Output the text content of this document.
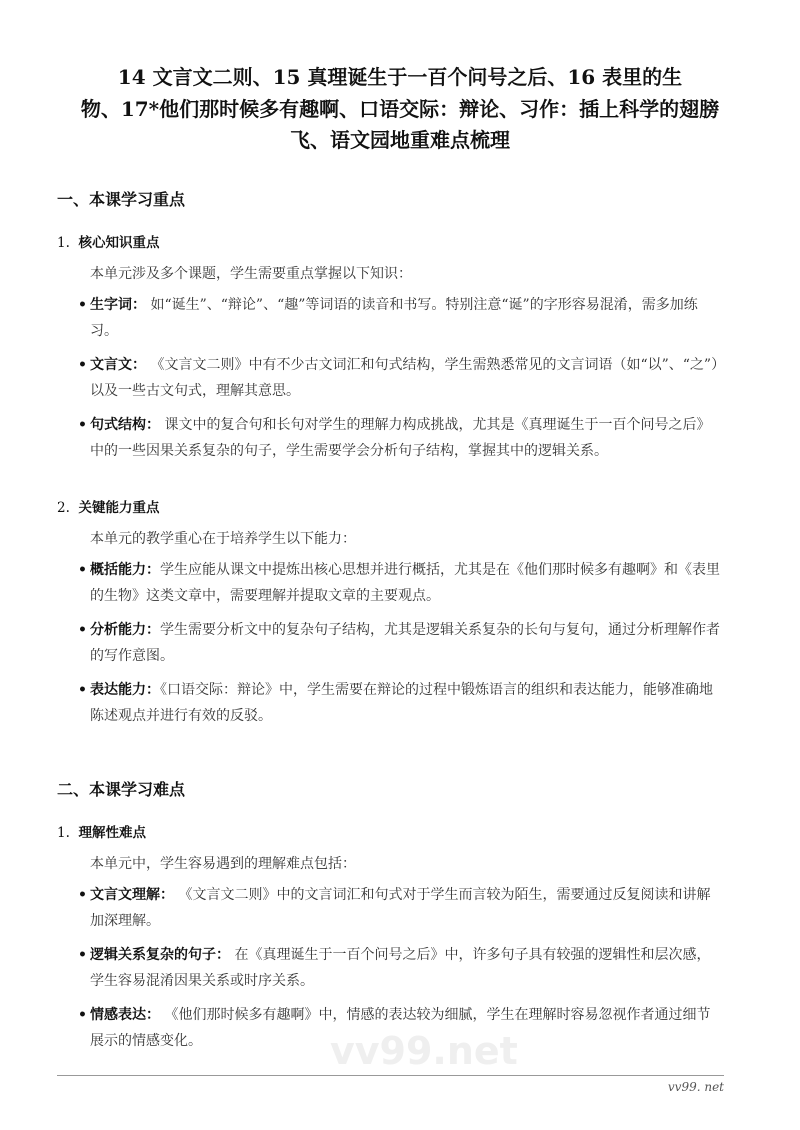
14 文言文二则、15 真理诞生于一百个问号之后、16 表里的生
物、17*他们那时候多有趣啊、口语交际：辩论、习作：插上科学的翅膀
飞、语文园地重难点梳理
一、本课学习重点
1. 核心知识重点
本单元涉及多个课题，学生需要重点掌握以下知识：
• 生字词： 如“诞生”、“辩论”、“趣”等词语的读音和书写。特别注意“诞”的字形容易混淆，需多加练习。
• 文言文： 《文言文二则》中有不少古文词汇和句式结构，学生需熟悉常见的文言词语（如“以”、“之”）以及一些古文句式，理解其意思。
• 句式结构： 课文中的复合句和长句对学生的理解力构成挑战，尤其是《真理诞生于一百个问号之后》中的一些因果关系复杂的句子，学生需要学会分析句子结构，掌握其中的逻辑关系。
2. 关键能力重点
本单元的教学重心在于培养学生以下能力：
• 概括能力：学生应能从课文中提炼出核心思想并进行概括，尤其是在《他们那时候多有趣啊》和《表里的生物》这类文章中，需要理解并提取文章的主要观点。
• 分析能力：学生需要分析文中的复杂句子结构，尤其是逻辑关系复杂的长句与复句，通过分析理解作者的写作意图。
• 表达能力：《口语交际：辩论》中，学生需要在辩论的过程中锻炼语言的组织和表达能力，能够准确地陈述观点并进行有效的反驳。
二、本课学习难点
1. 理解性难点
本单元中，学生容易遇到的理解难点包括：
• 文言文理解： 《文言文二则》中的文言词汇和句式对于学生而言较为陌生，需要通过反复阅读和讲解加深理解。
• 逻辑关系复杂的句子： 在《真理诞生于一百个问号之后》中，许多句子具有较强的逻辑性和层次感，学生容易混淆因果关系或时序关系。
• 情感表达： 《他们那时候多有趣啊》中，情感的表达较为细腻，学生在理解时容易忽视作者通过细节展示的情感变化。	vv99.net
vv99. net
